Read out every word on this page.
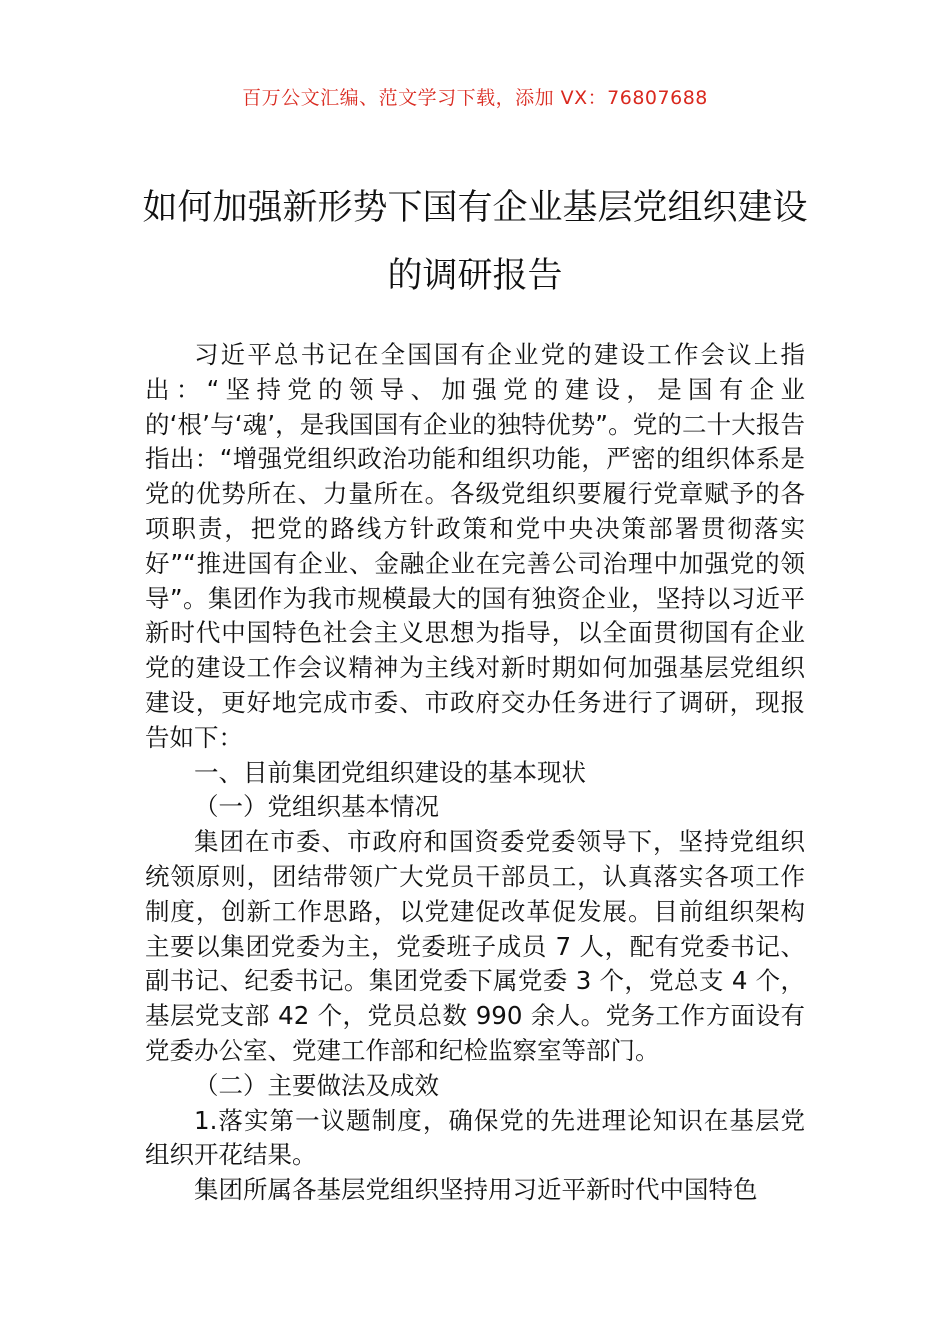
百万公文汇编、范文学习下载，添加 VX：76807688
如何加强新形势下国有企业基层党组织建设的调研报告

习近平总书记在全国国有企业党的建设工作会议上指出：“坚持党的领导、加强党的建设，是国有企业的‘根’与‘魂’，是我国国有企业的独特优势”。党的二十大报告指出：“增强党组织政治功能和组织功能，严密的组织体系是党的优势所在、力量所在。各级党组织要履行党章赋予的各项职责，把党的路线方针政策和党中央决策部署贯彻落实好”“推进国有企业、金融企业在完善公司治理中加强党的领导”。集团作为我市规模最大的国有独资企业，坚持以习近平新时代中国特色社会主义思想为指导，以全面贯彻国有企业党的建设工作会议精神为主线对新时期如何加强基层党组织建设，更好地完成市委、市政府交办任务进行了调研，现报告如下：

一、目前集团党组织建设的基本现状

（一）党组织基本情况

集团在市委、市政府和国资委党委领导下，坚持党组织统领原则，团结带领广大党员干部员工，认真落实各项工作制度，创新工作思路，以党建促改革促发展。目前组织架构主要以集团党委为主，党委班子成员 7 人，配有党委书记、副书记、纪委书记。集团党委下属党委 3 个，党总支 4 个，基层党支部 42 个，党员总数 990 余人。党务工作方面设有党委办公室、党建工作部和纪检监察室等部门。

（二）主要做法及成效

1.落实第一议题制度，确保党的先进理论知识在基层党组织开花结果。

集团所属各基层党组织坚持用习近平新时代中国特色
